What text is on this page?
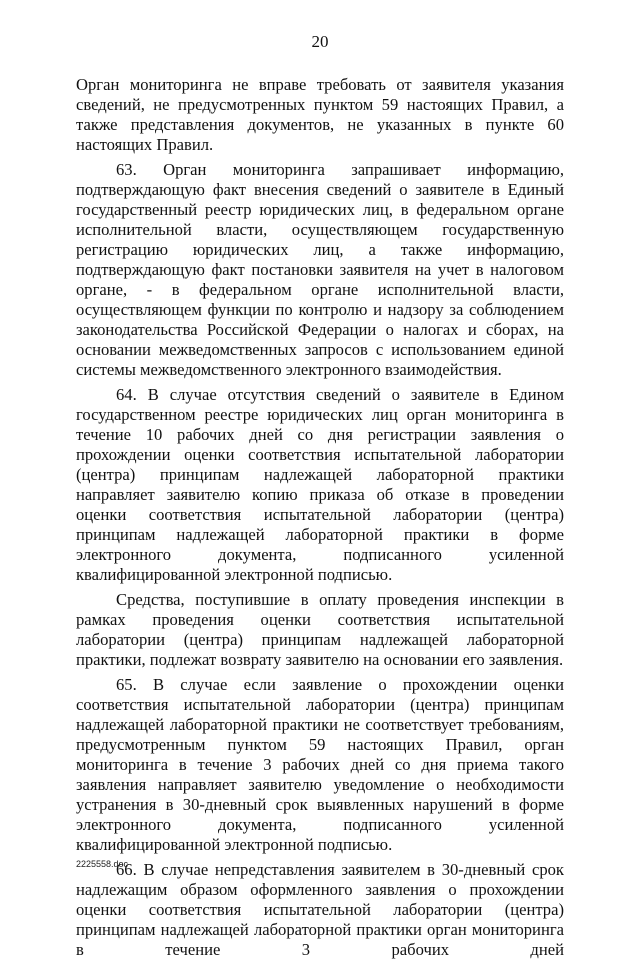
20

Орган мониторинга не вправе требовать от заявителя указания сведений, не предусмотренных пунктом 59 настоящих Правил, а также представления документов, не указанных в пункте 60 настоящих Правил.

63. Орган мониторинга запрашивает информацию, подтверждающую факт внесения сведений о заявителе в Единый государственный реестр юридических лиц, в федеральном органе исполнительной власти, осуществляющем государственную регистрацию юридических лиц, а также информацию, подтверждающую факт постановки заявителя на учет в налоговом органе, - в федеральном органе исполнительной власти, осуществляющем функции по контролю и надзору за соблюдением законодательства Российской Федерации о налогах и сборах, на основании межведомственных запросов с использованием единой системы межведомственного электронного взаимодействия.

64. В случае отсутствия сведений о заявителе в Едином государственном реестре юридических лиц орган мониторинга в течение 10 рабочих дней со дня регистрации заявления о прохождении оценки соответствия испытательной лаборатории (центра) принципам надлежащей лабораторной практики направляет заявителю копию приказа об отказе в проведении оценки соответствия испытательной лаборатории (центра) принципам надлежащей лабораторной практики в форме электронного документа, подписанного усиленной квалифицированной электронной подписью.

Средства, поступившие в оплату проведения инспекции в рамках проведения оценки соответствия испытательной лаборатории (центра) принципам надлежащей лабораторной практики, подлежат возврату заявителю на основании его заявления.

65. В случае если заявление о прохождении оценки соответствия испытательной лаборатории (центра) принципам надлежащей лабораторной практики не соответствует требованиям, предусмотренным пунктом 59 настоящих Правил, орган мониторинга в течение 3 рабочих дней со дня приема такого заявления направляет заявителю уведомление о необходимости устранения в 30-дневный срок выявленных нарушений в форме электронного документа, подписанного усиленной квалифицированной электронной подписью.

66. В случае непредставления заявителем в 30-дневный срок надлежащим образом оформленного заявления о прохождении оценки соответствия испытательной лаборатории (центра) принципам надлежащей лабораторной практики орган мониторинга в течение 3 рабочих дней

2225558.doc
